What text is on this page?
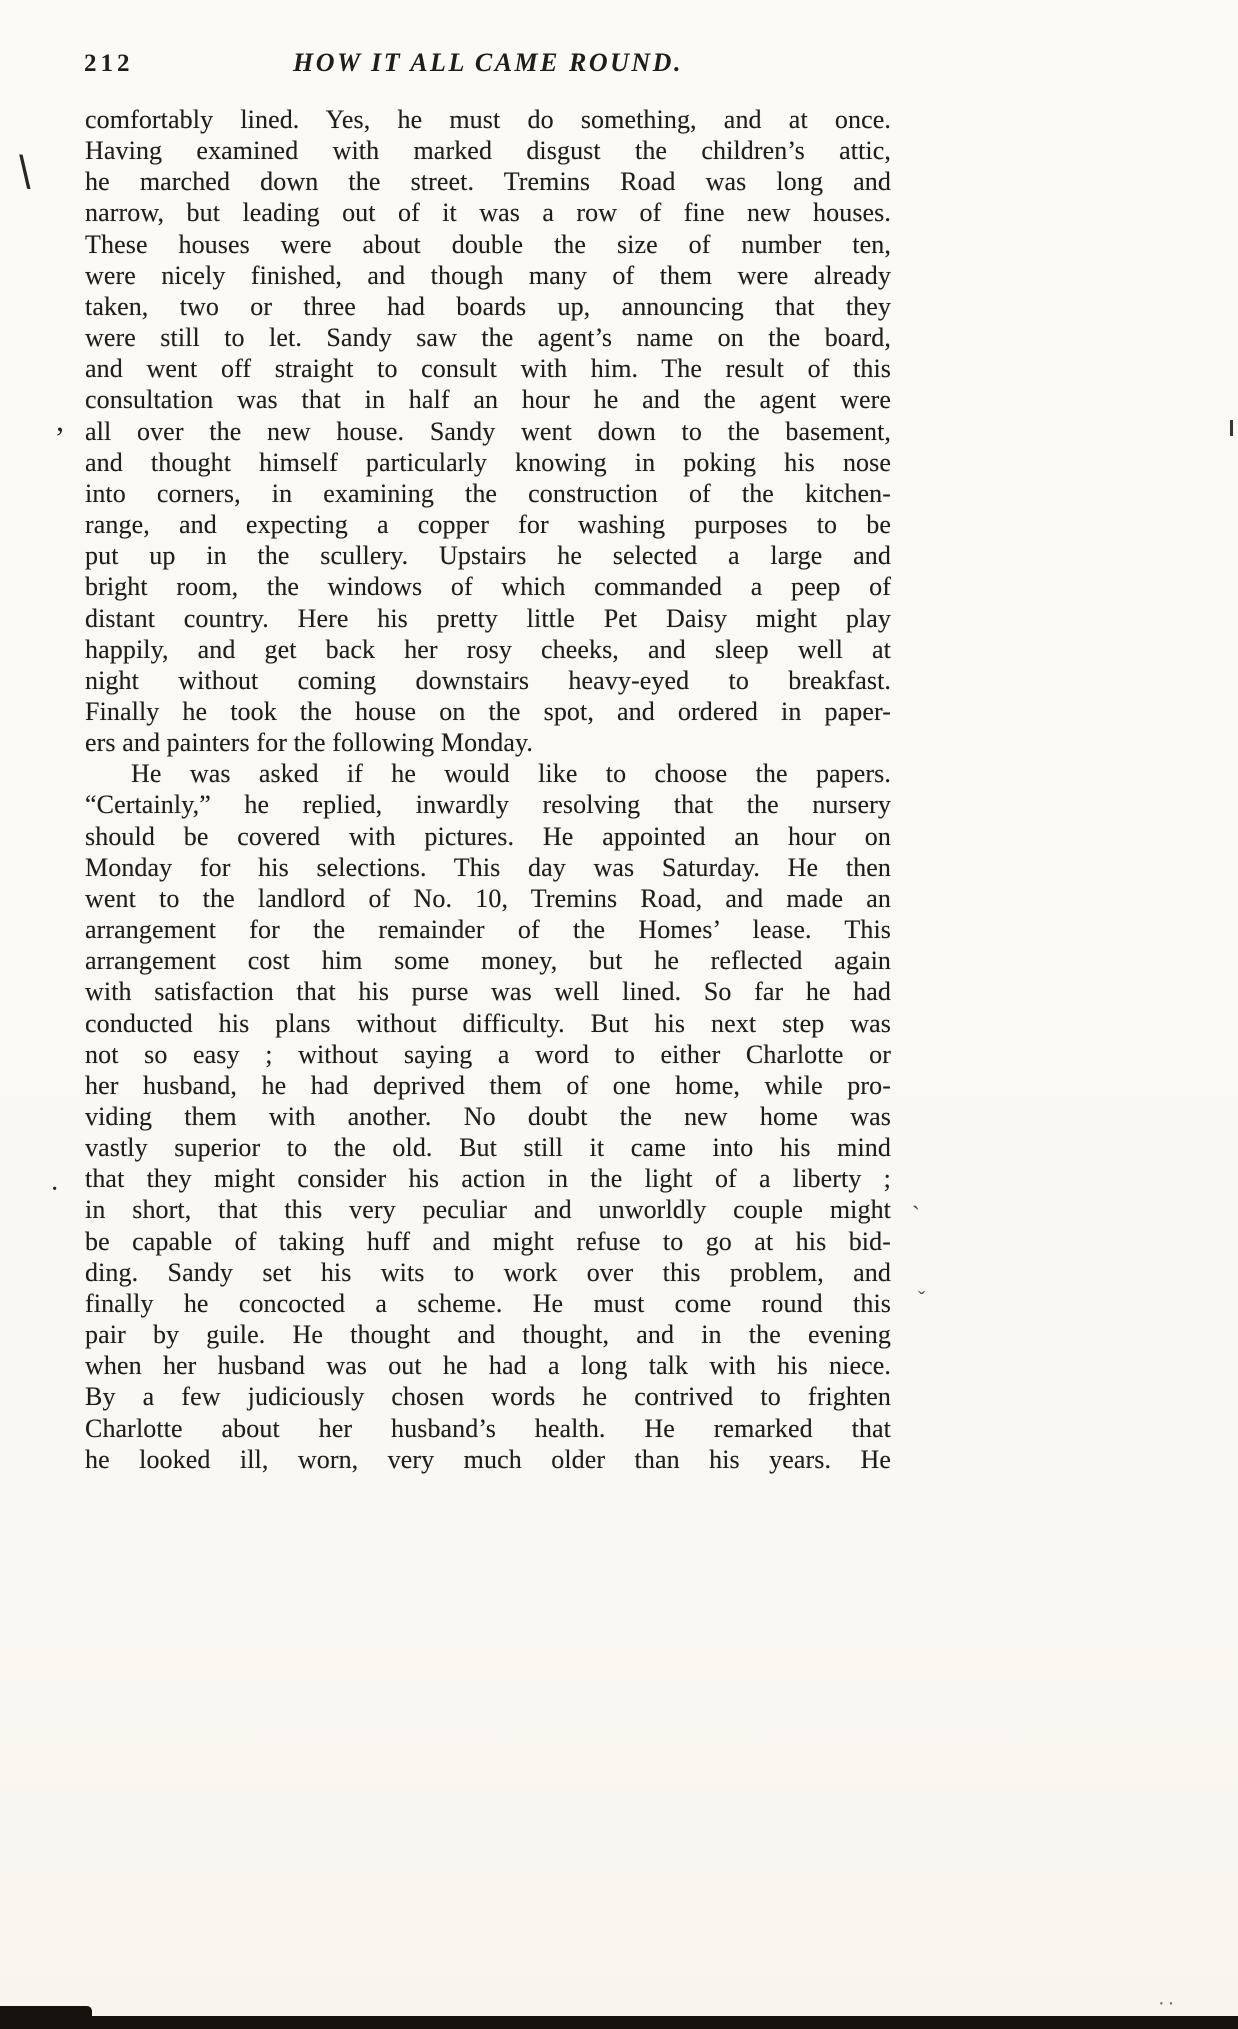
212	HOW IT ALL CAME ROUND.
comfortably lined. Yes, he must do something, and at once.
Having examined with marked disgust the children’s attic,
he marched down the street. Tremins Road was long and
narrow, but leading out of it was a row of fine new houses.
These houses were about double the size of number ten,
were nicely finished, and though many of them were already
taken, two or three had boards up, announcing that they
were still to let. Sandy saw the agent’s name on the board,
and went off straight to consult with him. The result of this
consultation was that in half an hour he and the agent were
all over the new house. Sandy went down to the basement,
and thought himself particularly knowing in poking his nose
into corners, in examining the construction of the kitchen-
range, and expecting a copper for washing purposes to be
put up in the scullery. Upstairs he selected a large and
bright room, the windows of which commanded a peep of
distant country. Here his pretty little Pet Daisy might play
happily, and get back her rosy cheeks, and sleep well at
night without coming downstairs heavy-eyed to breakfast.
Finally he took the house on the spot, and ordered in paper-
ers and painters for the following Monday.
He was asked if he would like to choose the papers.
“Certainly,” he replied, inwardly resolving that the nursery
should be covered with pictures. He appointed an hour on
Monday for his selections. This day was Saturday. He then
went to the landlord of No. 10, Tremins Road, and made an
arrangement for the remainder of the Homes’ lease. This
arrangement cost him some money, but he reflected again
with satisfaction that his purse was well lined. So far he had
conducted his plans without difficulty. But his next step was
not so easy ; without saying a word to either Charlotte or
her husband, he had deprived them of one home, while pro-
viding them with another. No doubt the new home was
vastly superior to the old. But still it came into his mind
that they might consider his action in the light of a liberty ;
in short, that this very peculiar and unworldly couple might
be capable of taking huff and might refuse to go at his bid-
ding. Sandy set his wits to work over this problem, and
finally he concocted a scheme. He must come round this
pair by guile. He thought and thought, and in the evening
when her husband was out he had a long talk with his niece.
By a few judiciously chosen words he contrived to frighten
Charlotte about her husband’s health. He remarked that
he looked ill, worn, very much older than his years. He
\
,
·
`
ˇ
··
